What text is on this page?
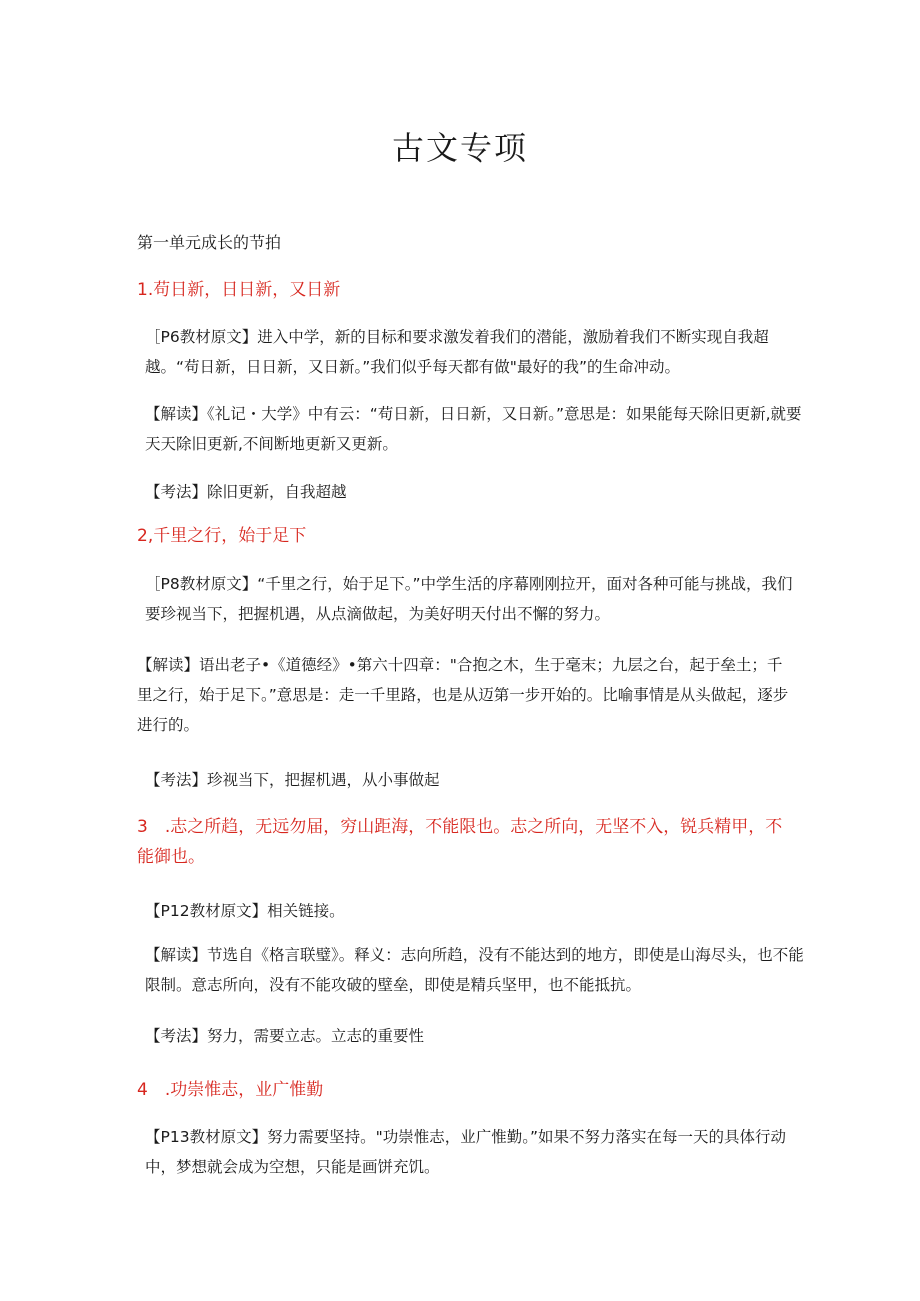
古文专项
第一单元成长的节拍
1.苟日新，日日新，又日新
［P6教材原文】进入中学，新的目标和要求激发着我们的潜能，激励着我们不断实现自我超越。“苟日新，日日新，又日新。”我们似乎每天都有做"最好的我”的生命冲动。
【解读】《礼记・大学》中有云：“苟日新，日日新，又日新。”意思是：如果能每天除旧更新,就要天天除旧更新,不间断地更新又更新。
【考法】除旧更新，自我超越
2,千里之行，始于足下
［P8教材原文】“千里之行，始于足下。”中学生活的序幕刚刚拉开，面对各种可能与挑战，我们要珍视当下，把握机遇，从点滴做起，为美好明天付出不懈的努力。
【解读】语出老子•《道德经》•第六十四章："合抱之木，生于毫末；九层之台，起于垒土；千里之行，始于足下。”意思是：走一千里路，也是从迈第一步开始的。比喻事情是从头做起，逐步进行的。
【考法】珍视当下，把握机遇，从小事做起
3　.志之所趋，无远勿届，穷山距海，不能限也。志之所向，无坚不入，锐兵精甲，不能御也。
【P12教材原文】相关链接。
【解读】节选自《格言联璧》。释义：志向所趋，没有不能达到的地方，即使是山海尽头，也不能限制。意志所向，没有不能攻破的壁垒，即使是精兵坚甲，也不能抵抗。
【考法】努力，需要立志。立志的重要性
4　.功崇惟志，业广惟勤
【P13教材原文】努力需要坚持。"功崇惟志，业广惟勤。”如果不努力落实在每一天的具体行动中，梦想就会成为空想，只能是画饼充饥。
